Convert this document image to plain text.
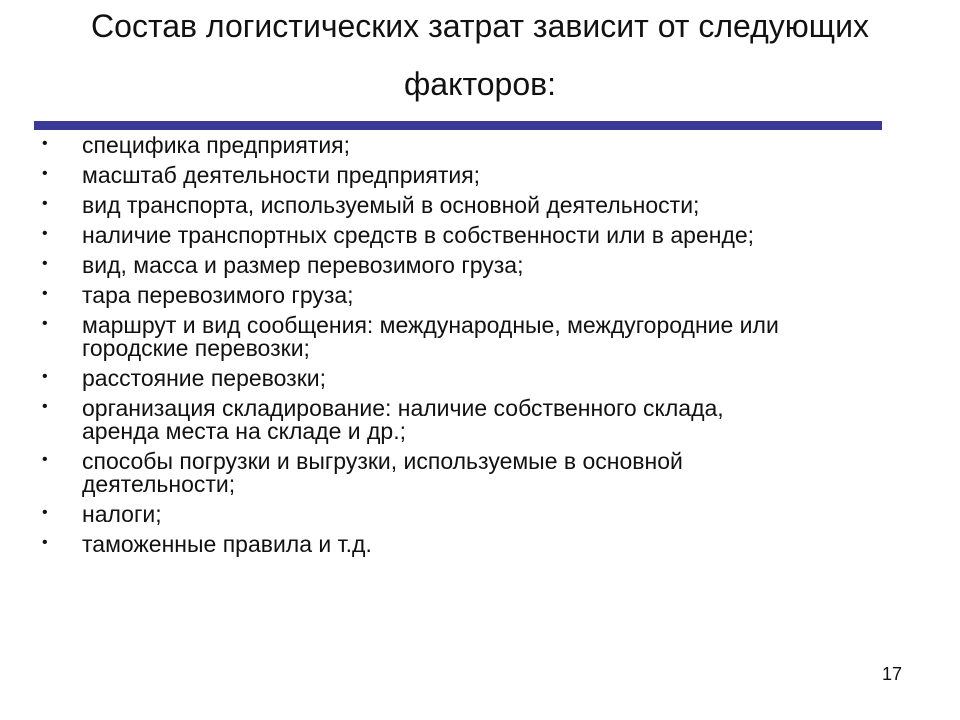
Состав логистических затрат зависит от следующих
факторов:
• специфика предприятия;
• масштаб деятельности предприятия;
• вид транспорта, используемый в основной деятельности;
• наличие транспортных средств в собственности или в аренде;
• вид, масса и размер перевозимого груза;
• тара перевозимого груза;
• маршрут и вид сообщения: международные, междугородние или
городские перевозки;
• расстояние перевозки;
• организация складирование: наличие собственного склада,
аренда места на складе и др.;
• способы погрузки и выгрузки, используемые в основной
деятельности;
• налоги;
• таможенные правила и т.д.
17
